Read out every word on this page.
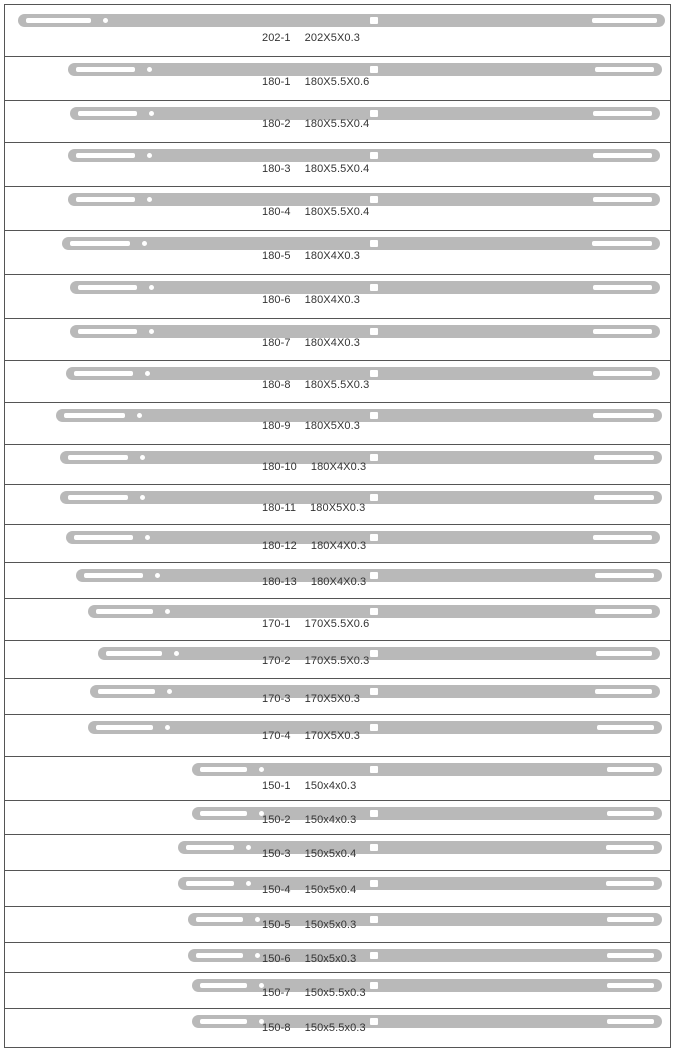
202-1 202X5X0.3
180-1 180X5.5X0.6
180-2 180X5.5X0.4
180-3 180X5.5X0.4
180-4 180X5.5X0.4
180-5 180X4X0.3
180-6 180X4X0.3
180-7 180X4X0.3
180-8 180X5.5X0.3
180-9 180X5X0.3
180-10 180X4X0.3
180-11 180X5X0.3
180-12 180X4X0.3
180-13 180X4X0.3
170-1 170X5.5X0.6
170-2 170X5.5X0.3
170-3 170X5X0.3
170-4 170X5X0.3
150-1 150x4x0.3
150-2 150x4x0.3
150-3 150x5x0.4
150-4 150x5x0.4
150-5 150x5x0.3
150-6 150x5x0.3
150-7 150x5.5x0.3
150-8 150x5.5x0.3
